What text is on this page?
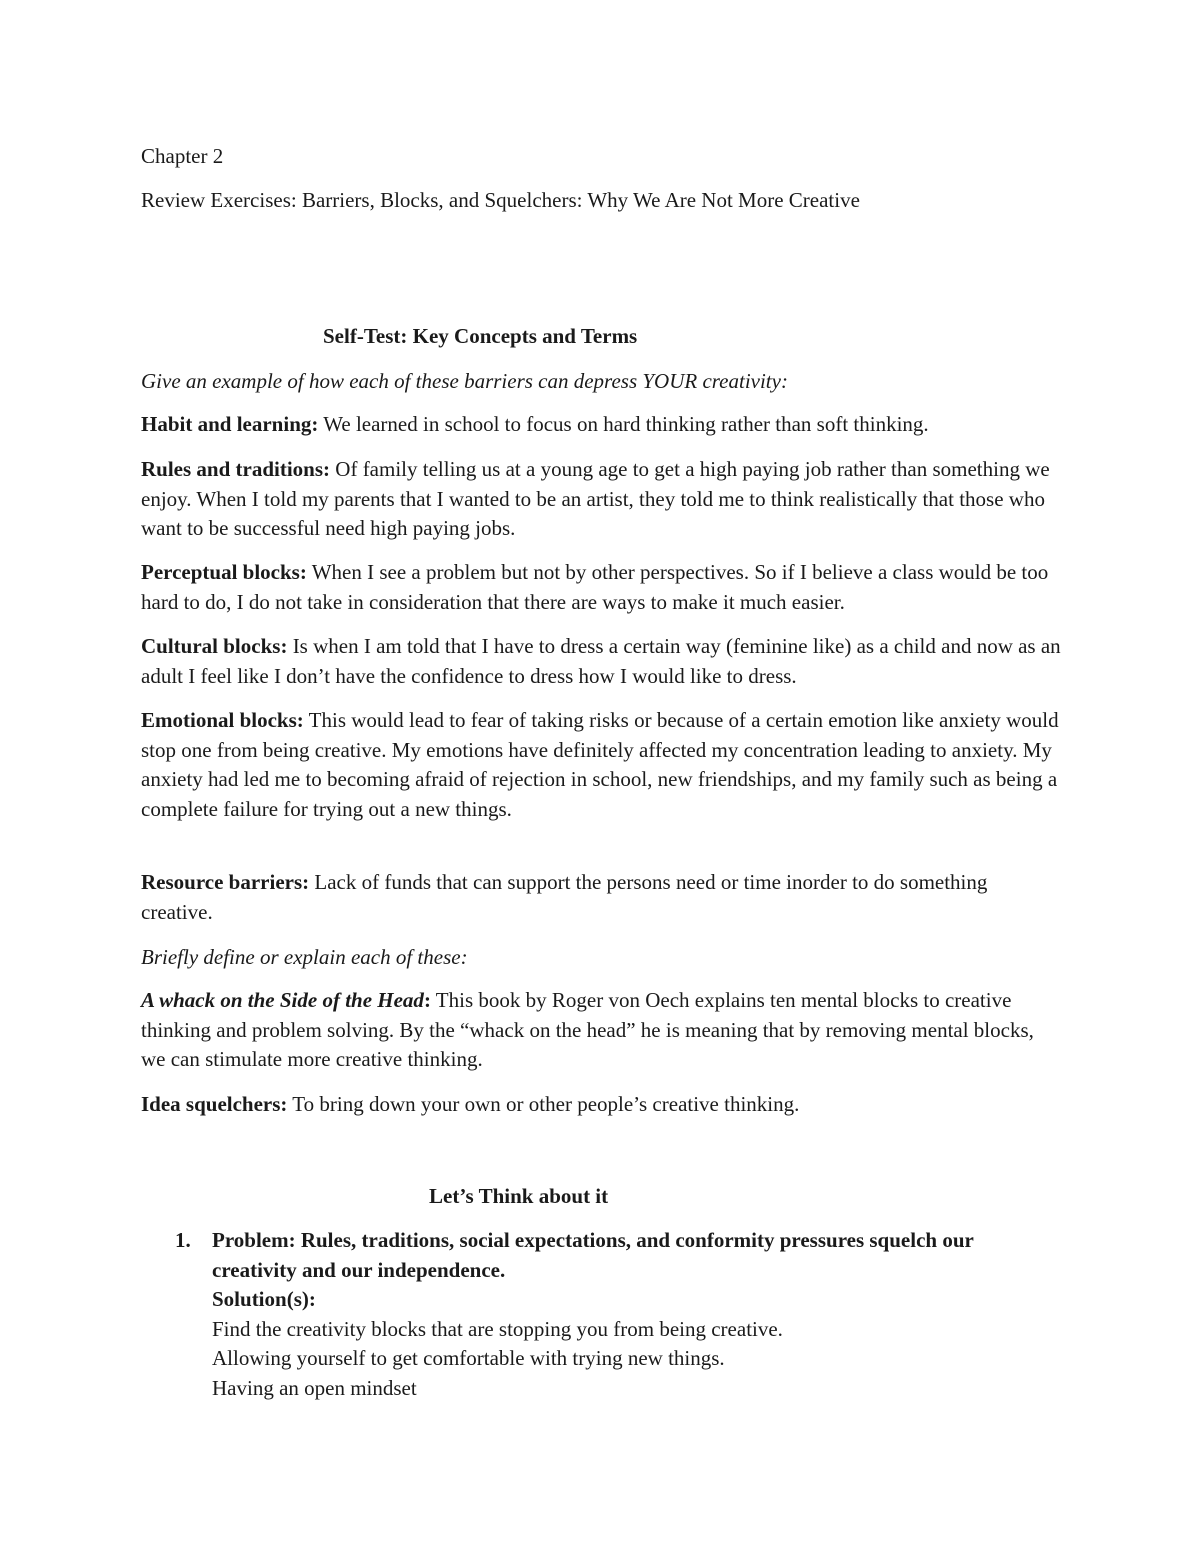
Chapter 2
Review Exercises: Barriers, Blocks, and Squelchers: Why We Are Not More Creative
Self-Test: Key Concepts and Terms
Give an example of how each of these barriers can depress YOUR creativity:
Habit and learning: We learned in school to focus on hard thinking rather than soft thinking.
Rules and traditions: Of family telling us at a young age to get a high paying job rather than something we enjoy. When I told my parents that I wanted to be an artist, they told me to think realistically that those who want to be successful need high paying jobs.
Perceptual blocks: When I see a problem but not by other perspectives. So if I believe a class would be too hard to do, I do not take in consideration that there are ways to make it much easier.
Cultural blocks: Is when I am told that I have to dress a certain way (feminine like) as a child and now as an adult I feel like I don’t have the confidence to dress how I would like to dress.
Emotional blocks: This would lead to fear of taking risks or because of a certain emotion like anxiety would stop one from being creative. My emotions have definitely affected my concentration leading to anxiety. My anxiety had led me to becoming afraid of rejection in school, new friendships, and my family such as being a complete failure for trying out a new things.
Resource barriers: Lack of funds that can support the persons need or time inorder to do something creative.
Briefly define or explain each of these:
A whack on the Side of the Head: This book by Roger von Oech explains ten mental blocks to creative thinking and problem solving. By the “whack on the head” he is meaning that by removing mental blocks, we can stimulate more creative thinking.
Idea squelchers: To bring down your own or other people’s creative thinking.
Let’s Think about it
1. Problem: Rules, traditions, social expectations, and conformity pressures squelch our creativity and our independence.
Solution(s):
Find the creativity blocks that are stopping you from being creative.
Allowing yourself to get comfortable with trying new things.
Having an open mindset
